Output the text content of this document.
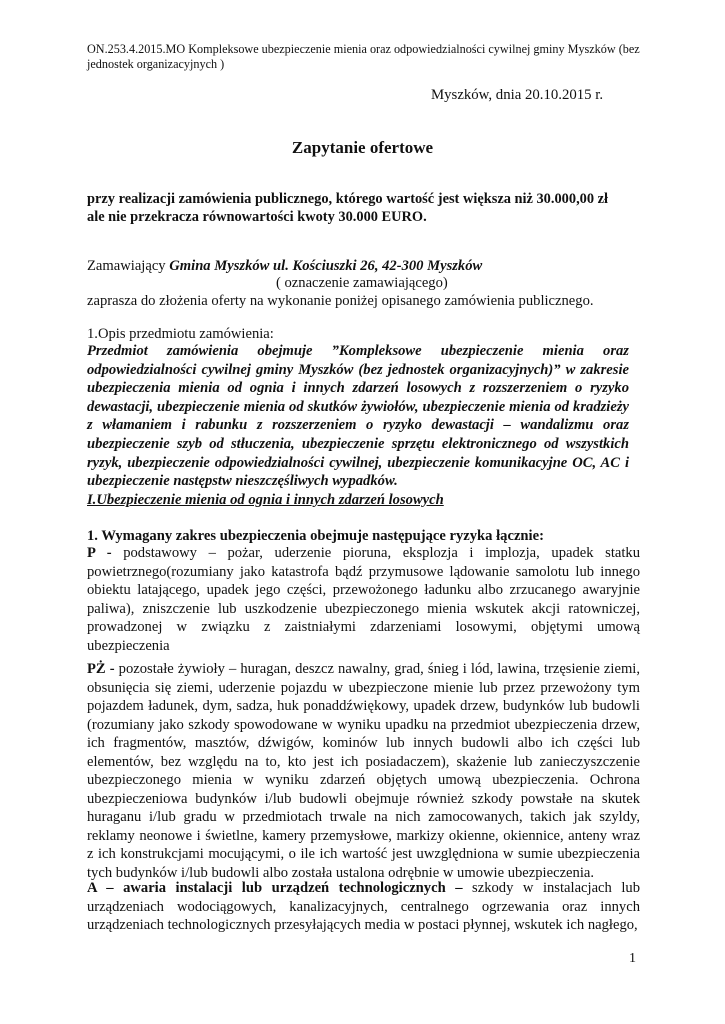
ON.253.4.2015.MO Kompleksowe ubezpieczenie mienia oraz odpowiedzialności cywilnej gminy Myszków (bez jednostek organizacyjnych )
Myszków, dnia 20.10.2015 r.
Zapytanie ofertowe
przy realizacji zamówienia publicznego, którego wartość jest większa niż 30.000,00 zł
ale nie przekracza równowartości kwoty 30.000 EURO.
Zamawiający Gmina Myszków ul. Kościuszki 26, 42-300 Myszków
( oznaczenie zamawiającego)
zaprasza do złożenia oferty na wykonanie poniżej opisanego zamówienia publicznego.
1.Opis przedmiotu zamówienia:
Przedmiot zamówienia obejmuje ”Kompleksowe ubezpieczenie mienia oraz odpowiedzialności cywilnej gminy Myszków (bez jednostek organizacyjnych)” w zakresie ubezpieczenia mienia od ognia i innych zdarzeń losowych z rozszerzeniem o ryzyko dewastacji, ubezpieczenie mienia od skutków żywiołów, ubezpieczenie mienia od kradzieży z włamaniem i rabunku z rozszerzeniem o ryzyko dewastacji – wandalizmu oraz ubezpieczenie szyb od stłuczenia, ubezpieczenie sprzętu elektronicznego od wszystkich ryzyk, ubezpieczenie odpowiedzialności cywilnej, ubezpieczenie komunikacyjne OC, AC i ubezpieczenie następstw nieszczęśliwych wypadków.
I.Ubezpieczenie mienia od ognia i innych zdarzeń losowych
1. Wymagany zakres ubezpieczenia obejmuje następujące ryzyka łącznie:
P - podstawowy – pożar, uderzenie pioruna, eksplozja i implozja, upadek statku powietrznego(rozumiany jako katastrofa bądź przymusowe lądowanie samolotu lub innego obiektu latającego, upadek jego części, przewożonego ładunku albo zrzucanego awaryjnie paliwa), zniszczenie lub uszkodzenie ubezpieczonego mienia wskutek akcji ratowniczej, prowadzonej w związku z zaistniałymi zdarzeniami losowymi, objętymi umową ubezpieczenia
PŻ - pozostałe żywioły – huragan, deszcz nawalny, grad, śnieg i lód, lawina, trzęsienie ziemi, obsunięcia się ziemi, uderzenie pojazdu w ubezpieczone mienie lub przez przewożony tym pojazdem ładunek, dym, sadza, huk ponaddźwiękowy, upadek drzew, budynków lub budowli (rozumiany jako szkody spowodowane w wyniku upadku na przedmiot ubezpieczenia drzew, ich fragmentów, masztów, dźwigów, kominów lub innych budowli albo ich części lub elementów, bez względu na to, kto jest ich posiadaczem), skażenie lub zanieczyszczenie ubezpieczonego mienia w wyniku zdarzeń objętych umową ubezpieczenia. Ochrona ubezpieczeniowa budynków i/lub budowli obejmuje również szkody powstałe na skutek huraganu i/lub gradu w przedmiotach trwale na nich zamocowanych, takich jak szyldy, reklamy neonowe i świetlne, kamery przemysłowe, markizy okienne, okiennice, anteny wraz z ich konstrukcjami mocującymi, o ile ich wartość jest uwzględniona w sumie ubezpieczenia tych budynków i/lub budowli albo została ustalona odrębnie w umowie ubezpieczenia.
A – awaria instalacji lub urządzeń technologicznych – szkody w instalacjach lub urządzeniach wodociągowych, kanalizacyjnych, centralnego ogrzewania oraz innych urządzeniach technologicznych przesyłających media w postaci płynnej, wskutek ich nagłego,
1
